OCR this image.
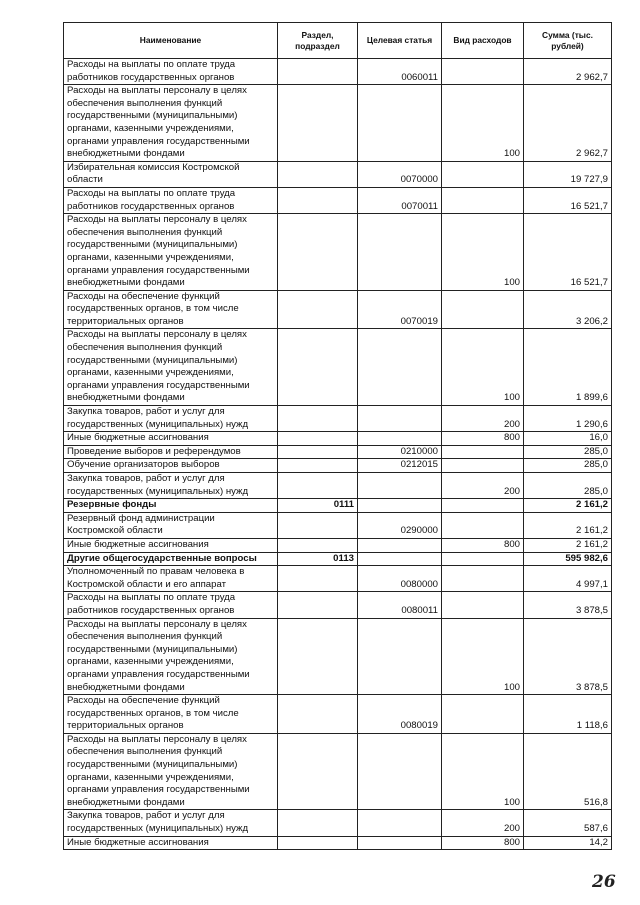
Наименование	Раздел, подраздел	Целевая статья	Вид расходов	Сумма (тыс. рублей)
Расходы на выплаты по оплате труда работников государственных органов		0060011		2 962,7
Расходы на выплаты персоналу в целях обеспечения выполнения функций государственными (муниципальными) органами, казенными учреждениями, органами управления государственными внебюджетными фондами			100	2 962,7
Избирательная комиссия Костромской области		0070000		19 727,9
Расходы на выплаты по оплате труда работников государственных органов		0070011		16 521,7
Расходы на выплаты персоналу в целях обеспечения выполнения функций государственными (муниципальными) органами, казенными учреждениями, органами управления государственными внебюджетными фондами			100	16 521,7
Расходы на обеспечение функций государственных органов, в том числе территориальных органов		0070019		3 206,2
Расходы на выплаты персоналу в целях обеспечения выполнения функций государственными (муниципальными) органами, казенными учреждениями, органами управления государственными внебюджетными фондами			100	1 899,6
Закупка товаров, работ и услуг для государственных (муниципальных) нужд			200	1 290,6
Иные бюджетные ассигнования			800	16,0
Проведение выборов и референдумов		0210000		285,0
Обучение организаторов выборов		0212015		285,0
Закупка товаров, работ и услуг для государственных (муниципальных) нужд			200	285,0
Резервные фонды	0111			2 161,2
Резервный фонд администрации Костромской области		0290000		2 161,2
Иные бюджетные ассигнования			800	2 161,2
Другие общегосударственные вопросы	0113			595 982,6
Уполномоченный по правам человека в Костромской области и его аппарат		0080000		4 997,1
Расходы на выплаты по оплате труда работников государственных органов		0080011		3 878,5
Расходы на выплаты персоналу в целях обеспечения выполнения функций государственными (муниципальными) органами, казенными учреждениями, органами управления государственными внебюджетными фондами			100	3 878,5
Расходы на обеспечение функций государственных органов, в том числе территориальных органов		0080019		1 118,6
Расходы на выплаты персоналу в целях обеспечения выполнения функций государственными (муниципальными) органами, казенными учреждениями, органами управления государственными внебюджетными фондами			100	516,8
Закупка товаров, работ и услуг для государственных (муниципальных) нужд			200	587,6
Иные бюджетные ассигнования			800	14,2
26
